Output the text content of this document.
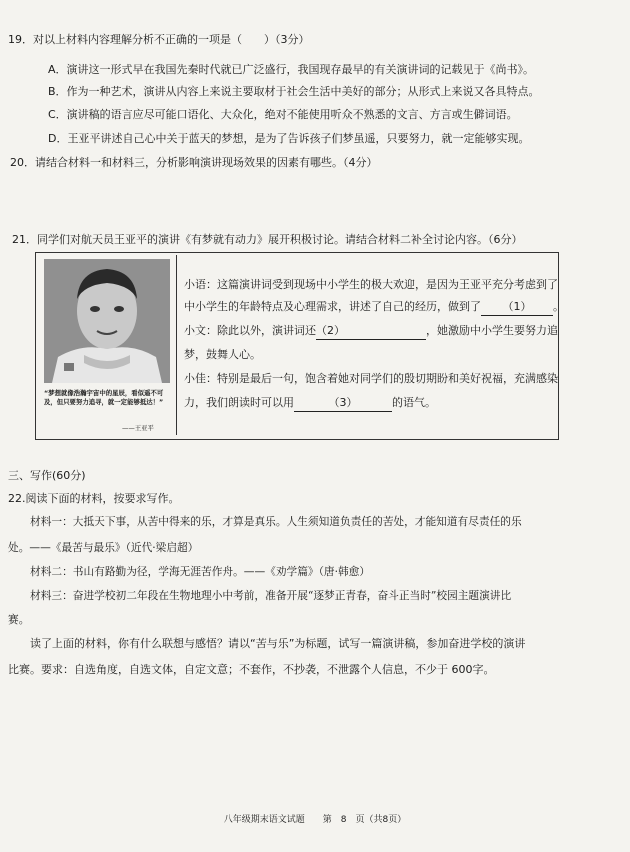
19．对以上材料内容理解分析不正确的一项是（　　）（3分）
A．演讲这一形式早在我国先秦时代就已广泛盛行，我国现存最早的有关演讲词的记载见于《尚书》。
B．作为一种艺术，演讲从内容上来说主要取材于社会生活中美好的部分；从形式上来说又各具特点。
C．演讲稿的语言应尽可能口语化、大众化，绝对不能使用听众不熟悉的文言、方言或生僻词语。
D．王亚平讲述自己心中关于蓝天的梦想，是为了告诉孩子们梦虽遥，只要努力，就一定能够实现。
20．请结合材料一和材料三，分析影响演讲现场效果的因素有哪些。（4分）
21．同学们对航天员王亚平的演讲《有梦就有动力》展开积极讨论。请结合材料二补全讨论内容。（6分）
“梦想就像浩瀚宇宙中的星辰，看似遥不可及，但只要努力追寻，就一定能够抵达！”
——王亚平
小语：这篇演讲词受到现场中小学生的极大欢迎，是因为王亚平充分考虑到了
中小学生的年龄特点及心理需求，讲述了自己的经历，做到了 （1） 。
小文：除此以外，演讲词还（2）	，她激励中小学生要努力追
梦，鼓舞人心。
小佳：特别是最后一句，饱含着她对同学们的殷切期盼和美好祝福，充满感染
力，我们朗读时可以用	（3）	的语气。
三、写作(60分)
22.阅读下面的材料，按要求写作。
材料一：大抵天下事，从苦中得来的乐，才算是真乐。人生须知道负责任的苦处，才能知道有尽责任的乐
处。——《最苦与最乐》（近代·梁启超）
材料二：书山有路勤为径，学海无涯苦作舟。——《劝学篇》（唐·韩愈）
材料三：奋进学校初二年段在生物地理小中考前，准备开展“逐梦正青春，奋斗正当时”校园主题演讲比
赛。
读了上面的材料，你有什么联想与感悟？请以“苦与乐”为标题，试写一篇演讲稿，参加奋进学校的演讲
比赛。要求：自选角度，自选文体，自定文意；不套作，不抄袭，不泄露个人信息，不少于 600字。
八年级期末语文试题　　第　8　页（共8页）
